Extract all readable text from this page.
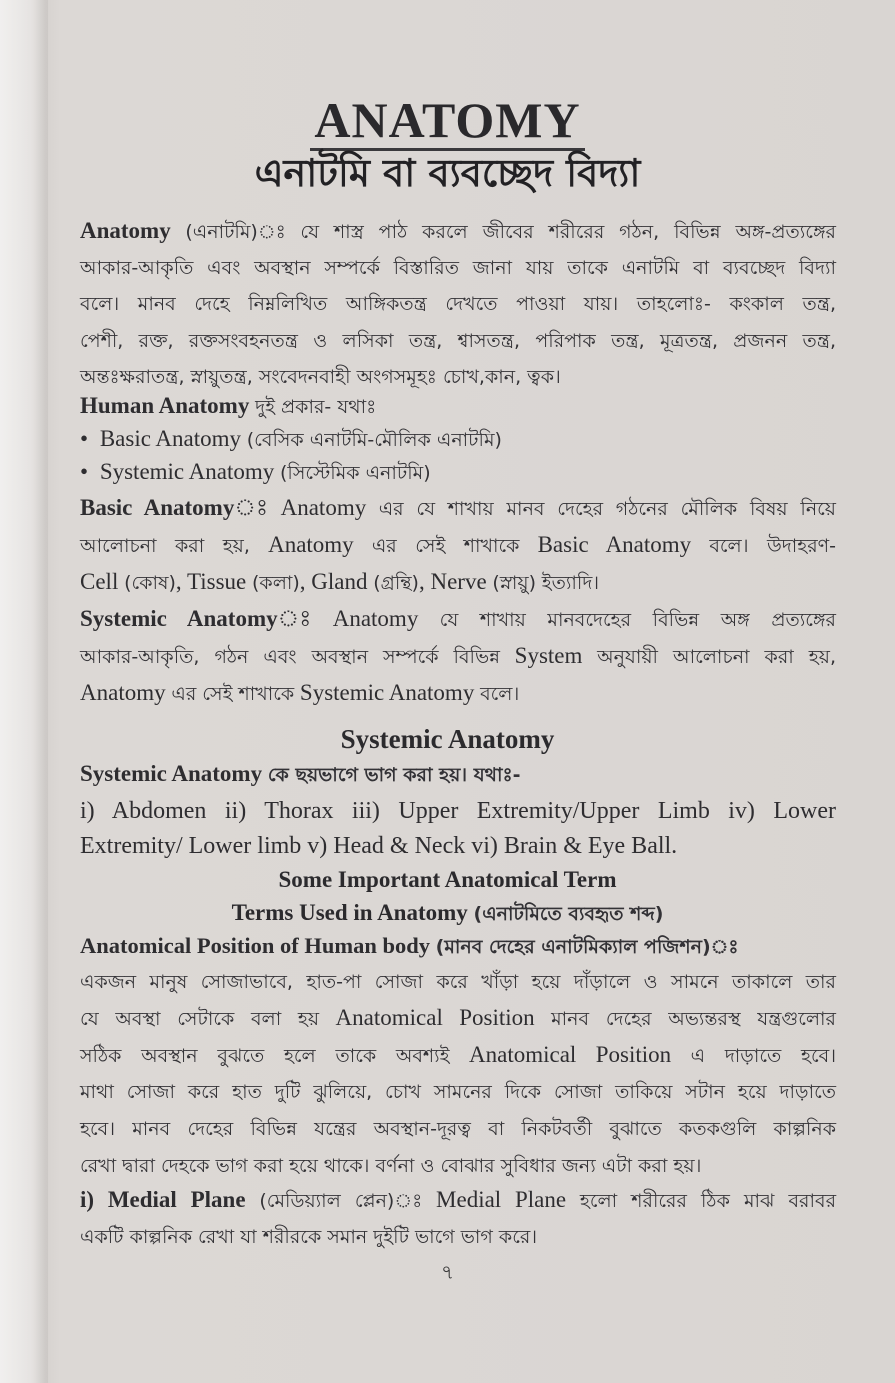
ANATOMY
এনাটমি বা ব্যবচ্ছেদ বিদ্যা
Anatomy (এনাটমি)ঃ যে শাস্ত্র পাঠ করলে জীবের শরীরের গঠন, বিভিন্ন অঙ্গ-প্রত্যঙ্গের
আকার-আকৃতি এবং অবস্থান সম্পর্কে বিস্তারিত জানা যায় তাকে এনাটমি বা ব্যবচ্ছেদ বিদ্যা
বলে। মানব দেহে নিম্নলিখিত আঙ্গিকতন্ত্র দেখতে পাওয়া যায়। তাহলোঃ- কংকাল তন্ত্র,
পেশী, রক্ত, রক্তসংবহনতন্ত্র ও লসিকা তন্ত্র, শ্বাসতন্ত্র, পরিপাক তন্ত্র, মূত্রতন্ত্র, প্রজনন তন্ত্র,
অন্তঃক্ষরাতন্ত্র, স্নায়ুতন্ত্র, সংবেদনবাহী অংগসমূহঃ চোখ,কান, ত্বক।
Human Anatomy দুই প্রকার- যথাঃ
• Basic Anatomy (বেসিক এনাটমি-মৌলিক এনাটমি)
• Systemic Anatomy (সিস্টেমিক এনাটমি)
Basic Anatomyঃ Anatomy এর যে শাখায় মানব দেহের গঠনের মৌলিক বিষয় নিয়ে
আলোচনা করা হয়, Anatomy এর সেই শাখাকে Basic Anatomy বলে। উদাহরণ-
Cell (কোষ), Tissue (কলা), Gland (গ্রন্থি), Nerve (স্নায়ু) ইত্যাদি।
Systemic Anatomyঃ Anatomy যে শাখায় মানবদেহের বিভিন্ন অঙ্গ প্রত্যঙ্গের
আকার-আকৃতি, গঠন এবং অবস্থান সম্পর্কে বিভিন্ন System অনুযায়ী আলোচনা করা হয়,
Anatomy এর সেই শাখাকে Systemic Anatomy বলে।
Systemic Anatomy
Systemic Anatomy কে ছয়ভাগে ভাগ করা হয়। যথাঃ-
i) Abdomen ii) Thorax iii) Upper Extremity/Upper Limb iv) Lower
Extremity/ Lower limb v) Head & Neck vi) Brain & Eye Ball.
Some Important Anatomical Term
Terms Used in Anatomy (এনাটমিতে ব্যবহৃত শব্দ)
Anatomical Position of Human body (মানব দেহের এনাটমিক্যাল পজিশন)ঃ
একজন মানুষ সোজাভাবে, হাত-পা সোজা করে খাঁড়া হয়ে দাঁড়ালে ও সামনে তাকালে তার
যে অবস্থা সেটাকে বলা হয় Anatomical Position মানব দেহের অভ্যন্তরস্থ যন্ত্রগুলোর
সঠিক অবস্থান বুঝতে হলে তাকে অবশ্যই Anatomical Position এ দাড়াতে হবে।
মাথা সোজা করে হাত দুটি ঝুলিয়ে, চোখ সামনের দিকে সোজা তাকিয়ে সটান হয়ে দাড়াতে
হবে। মানব দেহের বিভিন্ন যন্ত্রের অবস্থান-দূরত্ব বা নিকটবর্তী বুঝাতে কতকগুলি কাল্পনিক
রেখা দ্বারা দেহকে ভাগ করা হয়ে থাকে। বর্ণনা ও বোঝার সুবিধার জন্য এটা করা হয়।
i) Medial Plane (মেডিয়্যাল প্লেন)ঃ Medial Plane হলো শরীরের ঠিক মাঝ বরাবর
একটি কাল্পনিক রেখা যা শরীরকে সমান দুইটি ভাগে ভাগ করে।
৭
